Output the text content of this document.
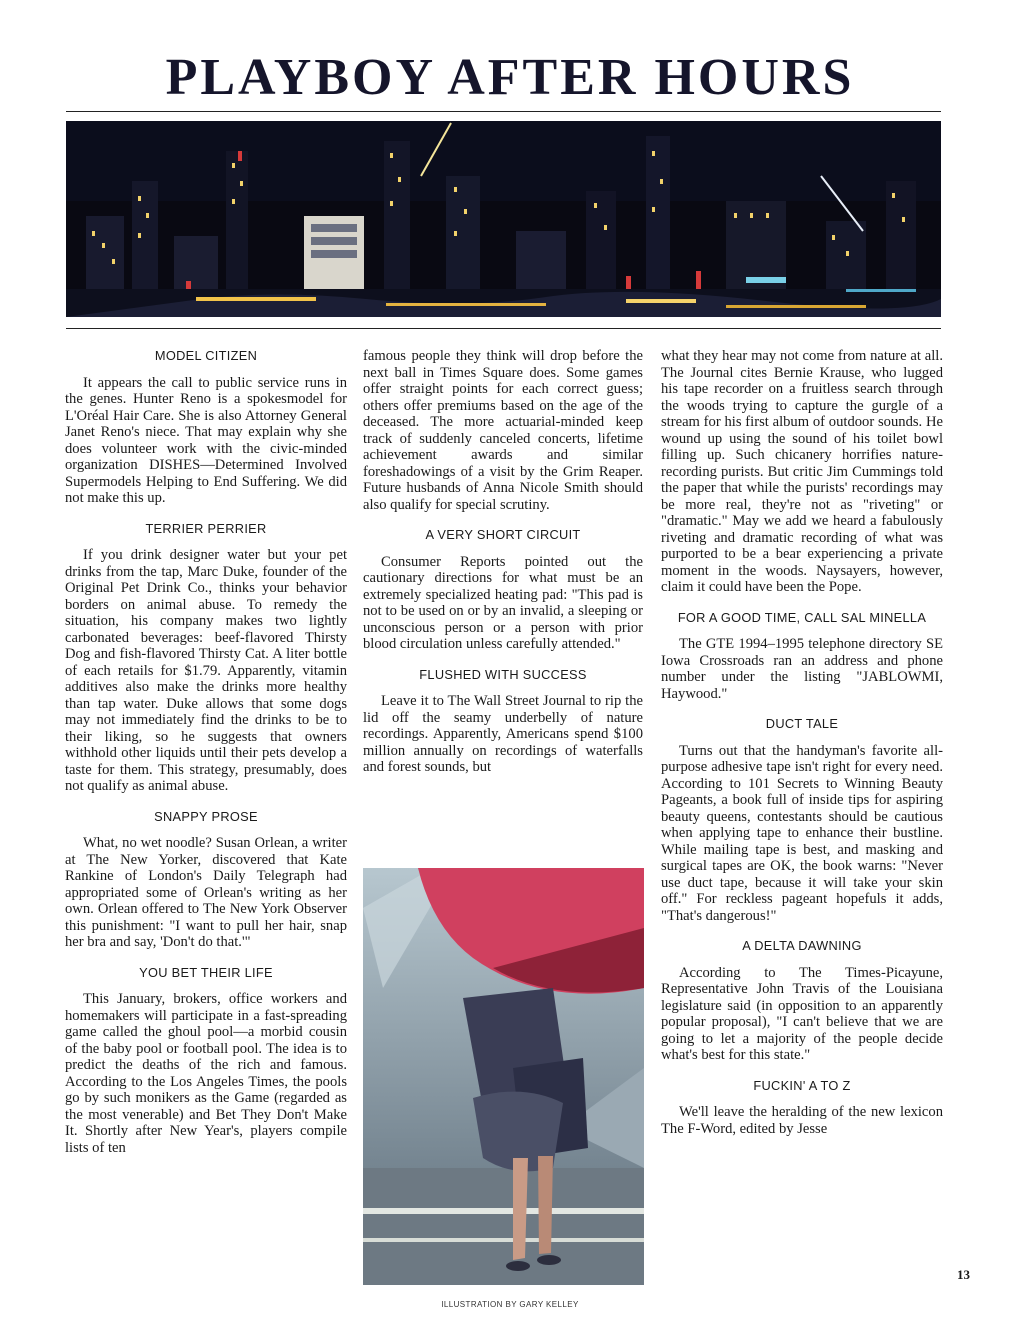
PLAYBOY AFTER HOURS
MODEL CITIZEN

It appears the call to public service runs in the genes. Hunter Reno is a spokesmodel for L'Oréal Hair Care. She is also Attorney General Janet Reno's niece. That may explain why she does volunteer work with the civic-minded organization DISHES—Determined Involved Supermodels Helping to End Suffering. We did not make this up.

TERRIER PERRIER

If you drink designer water but your pet drinks from the tap, Marc Duke, founder of the Original Pet Drink Co., thinks your behavior borders on animal abuse. To remedy the situation, his company makes two lightly carbonated beverages: beef-flavored Thirsty Dog and fish-flavored Thirsty Cat. A liter bottle of each retails for $1.79. Apparently, vitamin additives also make the drinks more healthy than tap water. Duke allows that some dogs may not immediately find the drinks to be to their liking, so he suggests that owners withhold other liquids until their pets develop a taste for them. This strategy, presumably, does not qualify as animal abuse.

SNAPPY PROSE

What, no wet noodle? Susan Orlean, a writer at The New Yorker, discovered that Kate Rankine of London's Daily Telegraph had appropriated some of Orlean's writing as her own. Orlean offered to The New York Observer this punishment: "I want to pull her hair, snap her bra and say, 'Don't do that.'"

YOU BET THEIR LIFE

This January, brokers, office workers and homemakers will participate in a fast-spreading game called the ghoul pool—a morbid cousin of the baby pool or football pool. The idea is to predict the deaths of the rich and famous. According to the Los Angeles Times, the pools go by such monikers as the Game (regarded as the most venerable) and Bet They Don't Make It. Shortly after New Year's, players compile lists of ten

famous people they think will drop before the next ball in Times Square does. Some games offer straight points for each correct guess; others offer premiums based on the age of the deceased. The more actuarial-minded keep track of suddenly canceled concerts, lifetime achievement awards and similar foreshadowings of a visit by the Grim Reaper. Future husbands of Anna Nicole Smith should also qualify for special scrutiny.

A VERY SHORT CIRCUIT

Consumer Reports pointed out the cautionary directions for what must be an extremely specialized heating pad: "This pad is not to be used on or by an invalid, a sleeping or unconscious person or a person with prior blood circulation unless carefully attended."

FLUSHED WITH SUCCESS

Leave it to The Wall Street Journal to rip the lid off the seamy underbelly of nature recordings. Apparently, Americans spend $100 million annually on recordings of waterfalls and forest sounds, but

what they hear may not come from nature at all. The Journal cites Bernie Krause, who lugged his tape recorder on a fruitless search through the woods trying to capture the gurgle of a stream for his first album of outdoor sounds. He wound up using the sound of his toilet bowl filling up. Such chicanery horrifies nature-recording purists. But critic Jim Cummings told the paper that while the purists' recordings may be more real, they're not as "riveting" or "dramatic." May we add we heard a fabulously riveting and dramatic recording of what was purported to be a bear experiencing a private moment in the woods. Naysayers, however, claim it could have been the Pope.

FOR A GOOD TIME, CALL SAL MINELLA

The GTE 1994–1995 telephone directory SE Iowa Crossroads ran an address and phone number under the listing "JABLOWMI, Haywood."

DUCT TALE

Turns out that the handyman's favorite all-purpose adhesive tape isn't right for every need. According to 101 Secrets to Winning Beauty Pageants, a book full of inside tips for aspiring beauty queens, contestants should be cautious when applying tape to enhance their bustline. While mailing tape is best, and masking and surgical tapes are OK, the book warns: "Never use duct tape, because it will take your skin off." For reckless pageant hopefuls it adds, "That's dangerous!"

A DELTA DAWNING

According to The Times-Picayune, Representative John Travis of the Louisiana legislature said (in opposition to an apparently popular proposal), "I can't believe that we are going to let a majority of the people decide what's best for this state."

FUCKIN' A TO Z

We'll leave the heralding of the new lexicon The F-Word, edited by Jesse

13
ILLUSTRATION BY GARY KELLEY
